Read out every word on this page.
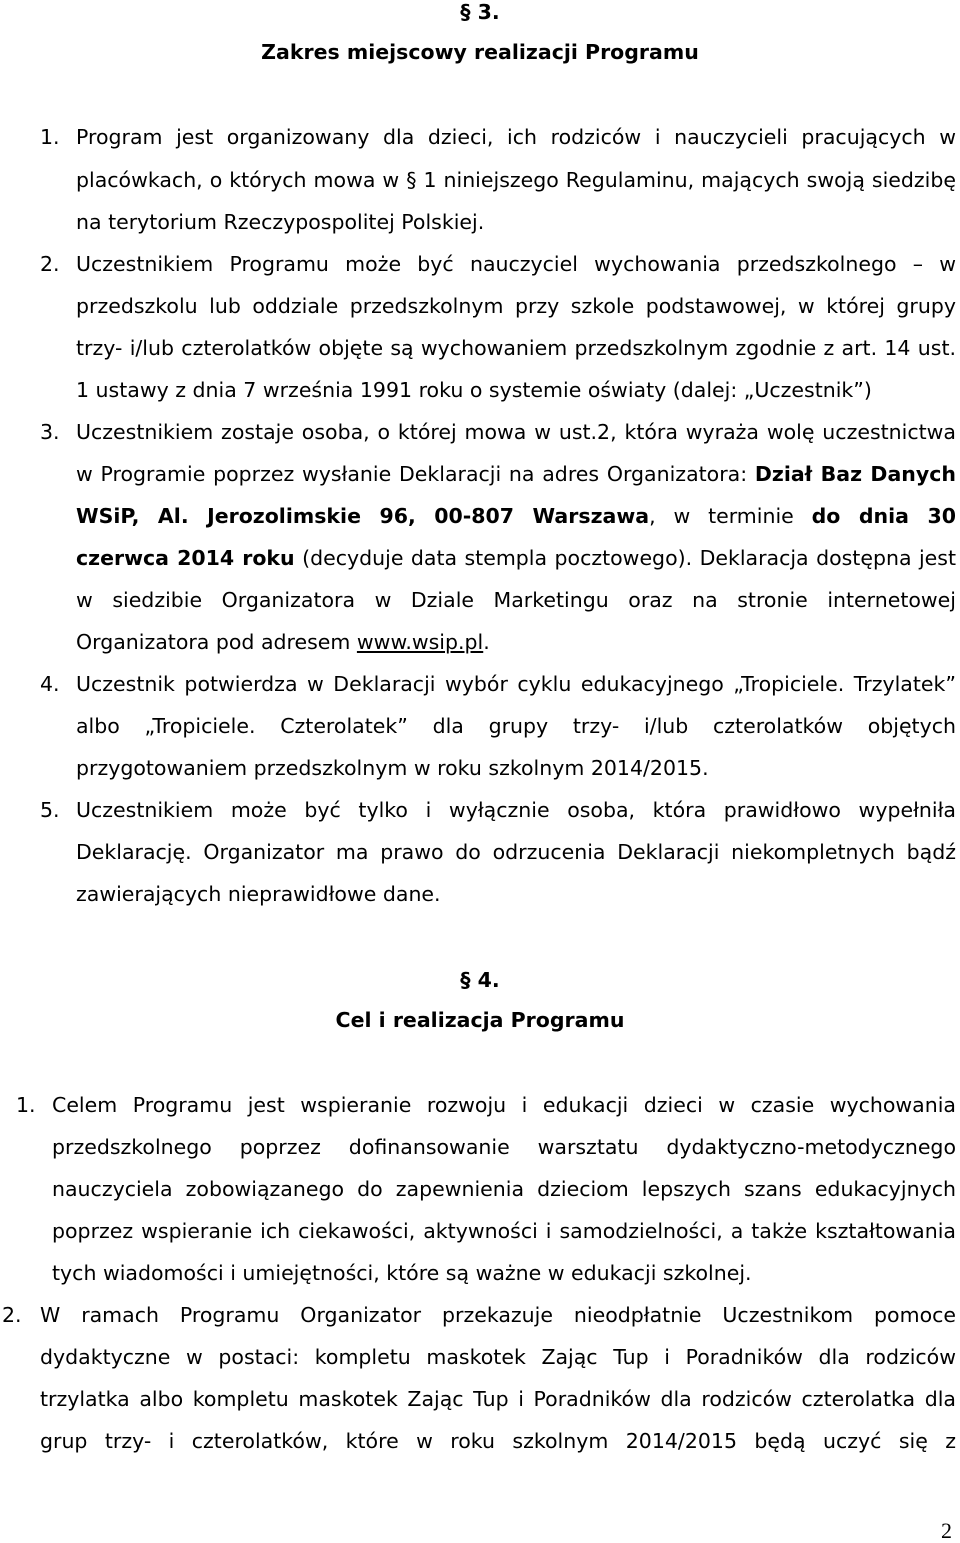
§ 3.
Zakres miejscowy realizacji Programu
1. Program jest organizowany dla dzieci, ich rodziców i nauczycieli pracujących w
placówkach, o których mowa w § 1 niniejszego Regulaminu, mających swoją siedzibę
na terytorium Rzeczypospolitej Polskiej.
2. Uczestnikiem Programu może być nauczyciel wychowania przedszkolnego – w
przedszkolu lub oddziale przedszkolnym przy szkole podstawowej, w której grupy
trzy- i/lub czterolatków objęte są wychowaniem przedszkolnym zgodnie z art. 14 ust.
1 ustawy z dnia 7 września 1991 roku o systemie oświaty (dalej: „Uczestnik”)
3. Uczestnikiem zostaje osoba, o której mowa w ust.2, która wyraża wolę uczestnictwa
w Programie poprzez wysłanie Deklaracji na adres Organizatora: Dział Baz Danych
WSiP, Al. Jerozolimskie 96, 00-807 Warszawa, w terminie do dnia 30
czerwca 2014 roku (decyduje data stempla pocztowego). Deklaracja dostępna jest
w siedzibie Organizatora w Dziale Marketingu oraz na stronie internetowej
Organizatora pod adresem www.wsip.pl.
4. Uczestnik potwierdza w Deklaracji wybór cyklu edukacyjnego „Tropiciele. Trzylatek”
albo „Tropiciele. Czterolatek” dla grupy trzy- i/lub czterolatków objętych
przygotowaniem przedszkolnym w roku szkolnym 2014/2015.
5. Uczestnikiem może być tylko i wyłącznie osoba, która prawidłowo wypełniła
Deklarację. Organizator ma prawo do odrzucenia Deklaracji niekompletnych bądź
zawierających nieprawidłowe dane.
§ 4.
Cel i realizacja Programu
1. Celem Programu jest wspieranie rozwoju i edukacji dzieci w czasie wychowania
przedszkolnego poprzez dofinansowanie warsztatu dydaktyczno-metodycznego
nauczyciela zobowiązanego do zapewnienia dzieciom lepszych szans edukacyjnych
poprzez wspieranie ich ciekawości, aktywności i samodzielności, a także kształtowania
tych wiadomości i umiejętności, które są ważne w edukacji szkolnej.
2. W ramach Programu Organizator przekazuje nieodpłatnie Uczestnikom pomoce
dydaktyczne w postaci: kompletu maskotek Zając Tup i Poradników dla rodziców
trzylatka albo kompletu maskotek Zając Tup i Poradników dla rodziców czterolatka dla
grup trzy- i czterolatków, które w roku szkolnym 2014/2015 będą uczyć się z
2
